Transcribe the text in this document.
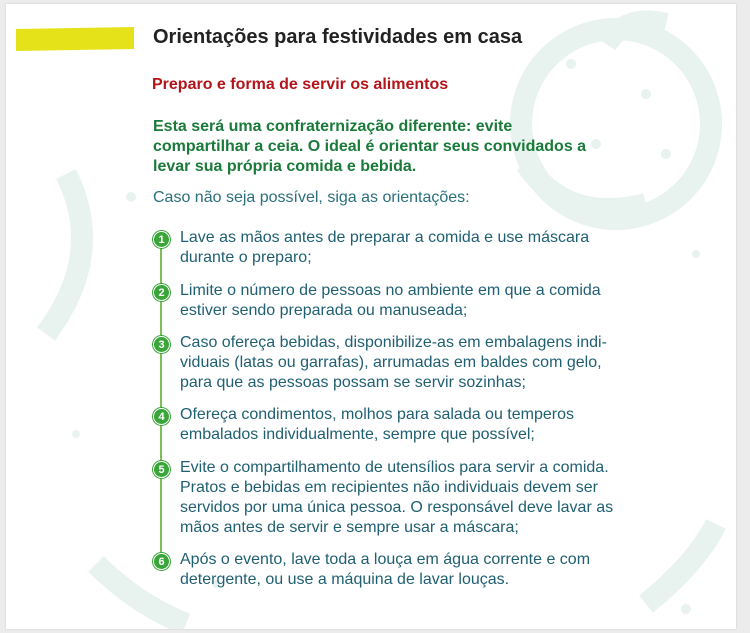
Orientações para festividades em casa
Preparo e forma de servir os alimentos
Esta será uma confraternização diferente: evite compartilhar a ceia. O ideal é orientar seus convidados a levar sua própria comida e bebida.
Caso não seja possível, siga as orientações:
1 Lave as mãos antes de preparar a comida e use máscara durante o preparo;
2 Limite o número de pessoas no ambiente em que a comida estiver sendo preparada ou manuseada;
3 Caso ofereça bebidas, disponibilize-as em embalagens indi-viduais (latas ou garrafas), arrumadas em baldes com gelo, para que as pessoas possam se servir sozinhas;
4 Ofereça condimentos, molhos para salada ou temperos embalados individualmente, sempre que possível;
5 Evite o compartilhamento de utensílios para servir a comida. Pratos e bebidas em recipientes não individuais devem ser servidos por uma única pessoa. O responsável deve lavar as mãos antes de servir e sempre usar a máscara;
6 Após o evento, lave toda a louça em água corrente e com detergente, ou use a máquina de lavar louças.
